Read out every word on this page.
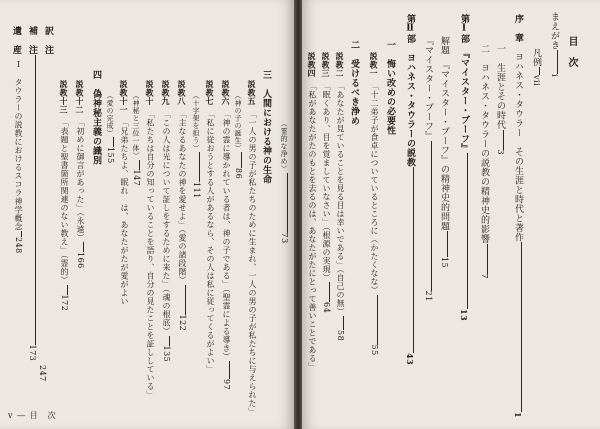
目　次
まえがきi
凡例vii
序　章　ヨハネス・タウラー　その生涯と時代と著作1
一　生涯とその時代3
二　ヨハネス・タウラーの説教の精神史的影響7
第Ⅰ部　『マイスター・ブーフ』13
解題　『マイスター・ブーフ』の精神史的問題15
『マイスター・ブーフ』21
第Ⅱ部　ヨハネス・タウラーの説教43
一　悔い改めの必要性
説教一　「十二弟子が食卓についているところに（かたくなな）55
二　受けるべき浄め
説教二　「あなたが見ていることを見る目は幸いである」（自己の無）58
説教三　「眠くあり、目を覚ましていなさい」（根源の実現）64
説教四　「私があなたがたのもとを去るのは、あなたがたにとって善いことである」
（霊的な浄め）73
三　人間における神の生命
説教五　「一人の男の子が私たちのために生まれ、一人の男の子が私たちに与えられた」
（神の子の誕生）86
説教六　「神の霊に導かれている者は、神の子である」（聖霊による導き）97
説教七　「私に従おうとする人があるなら、その人は私に従ってくるがよい」
（十字架を担う）111
説教八　「主なるあなたの神を愛せよ」（愛の諸段階）122
説教九　「この人は光について証しをするために来た」（魂の根底）135
説教十　「私たちは自分の知っていることを語り、自分の見たことを証ししている」
（神秘と三位一体）147
説教十一　「兄弟たちよ、眠れ　は、あなたがたが愛がよい
（愛の完成）155
四　偽神秘主義の識別
説教十二　「初めに御言があった」（永遠）166
説教十三　「表題と聖書箇所関連のない教え」（霊的）172
訳　注
補　注173
遺　産
Ⅰ　タウラーの説教におけるスコラ神学概念248
247
v ― 目　次
